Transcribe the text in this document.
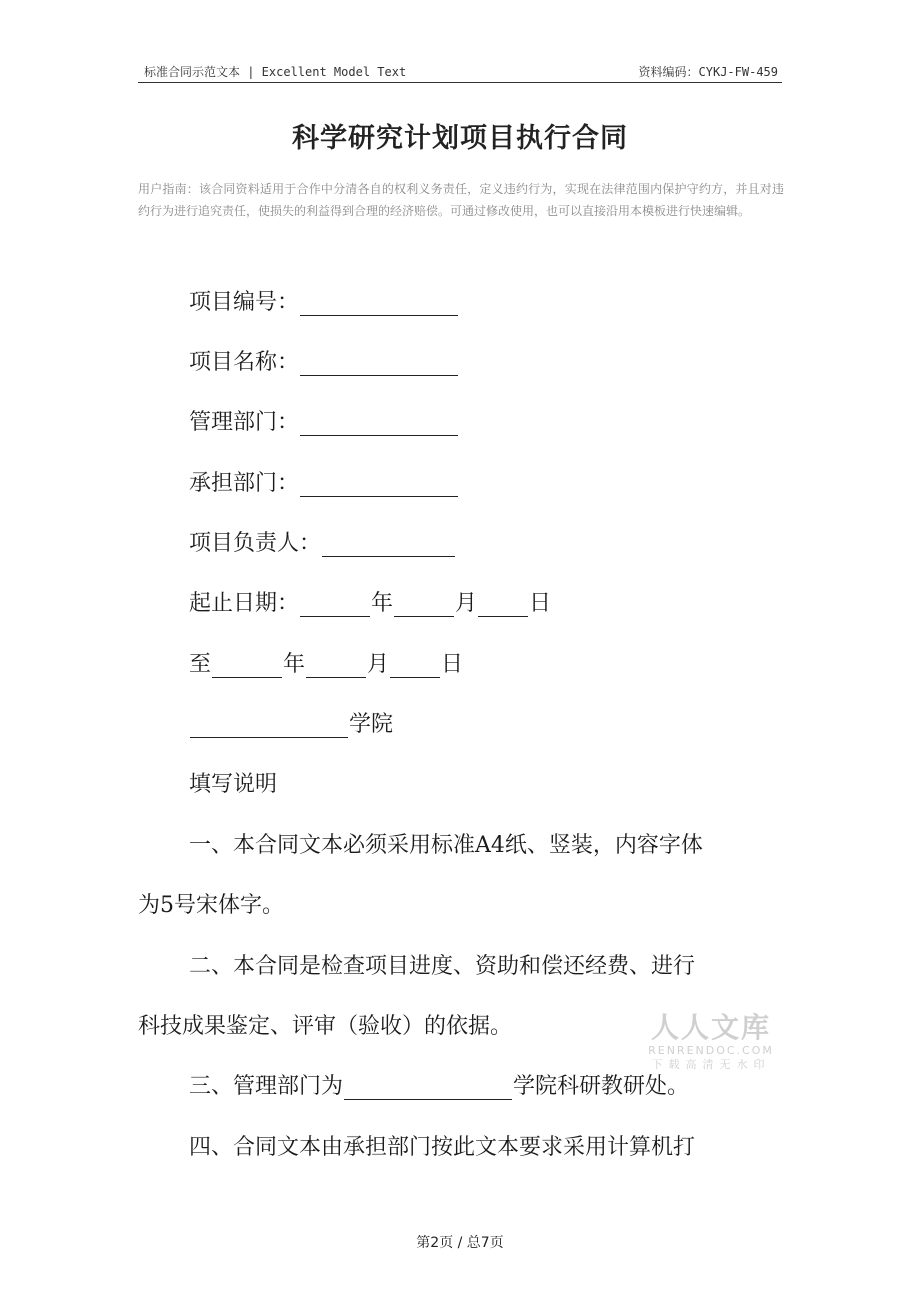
标准合同示范文本 | Excellent Model Text	资料编码：CYKJ-FW-459
科学研究计划项目执行合同
用户指南：该合同资料适用于合作中分清各自的权利义务责任，定义违约行为，实现在法律范围内保护守约方，并且对违约行为进行追究责任，使损失的利益得到合理的经济赔偿。可通过修改使用，也可以直接沿用本模板进行快速编辑。
项目编号：
项目名称：
管理部门：
承担部门：
项目负责人：
起止日期：	年	月 日
至	年	月 日
学院
填写说明
一、本合同文本必须采用标准A4纸、竖装，内容字体
为5号宋体字。
二、本合同是检查项目进度、资助和偿还经费、进行
科技成果鉴定、评审（验收）的依据。
三、管理部门为	学院科研教研处。
四、合同文本由承担部门按此文本要求采用计算机打
人人文库
RENRENDOC.COM
下载高清无水印
第2页 / 总7页
